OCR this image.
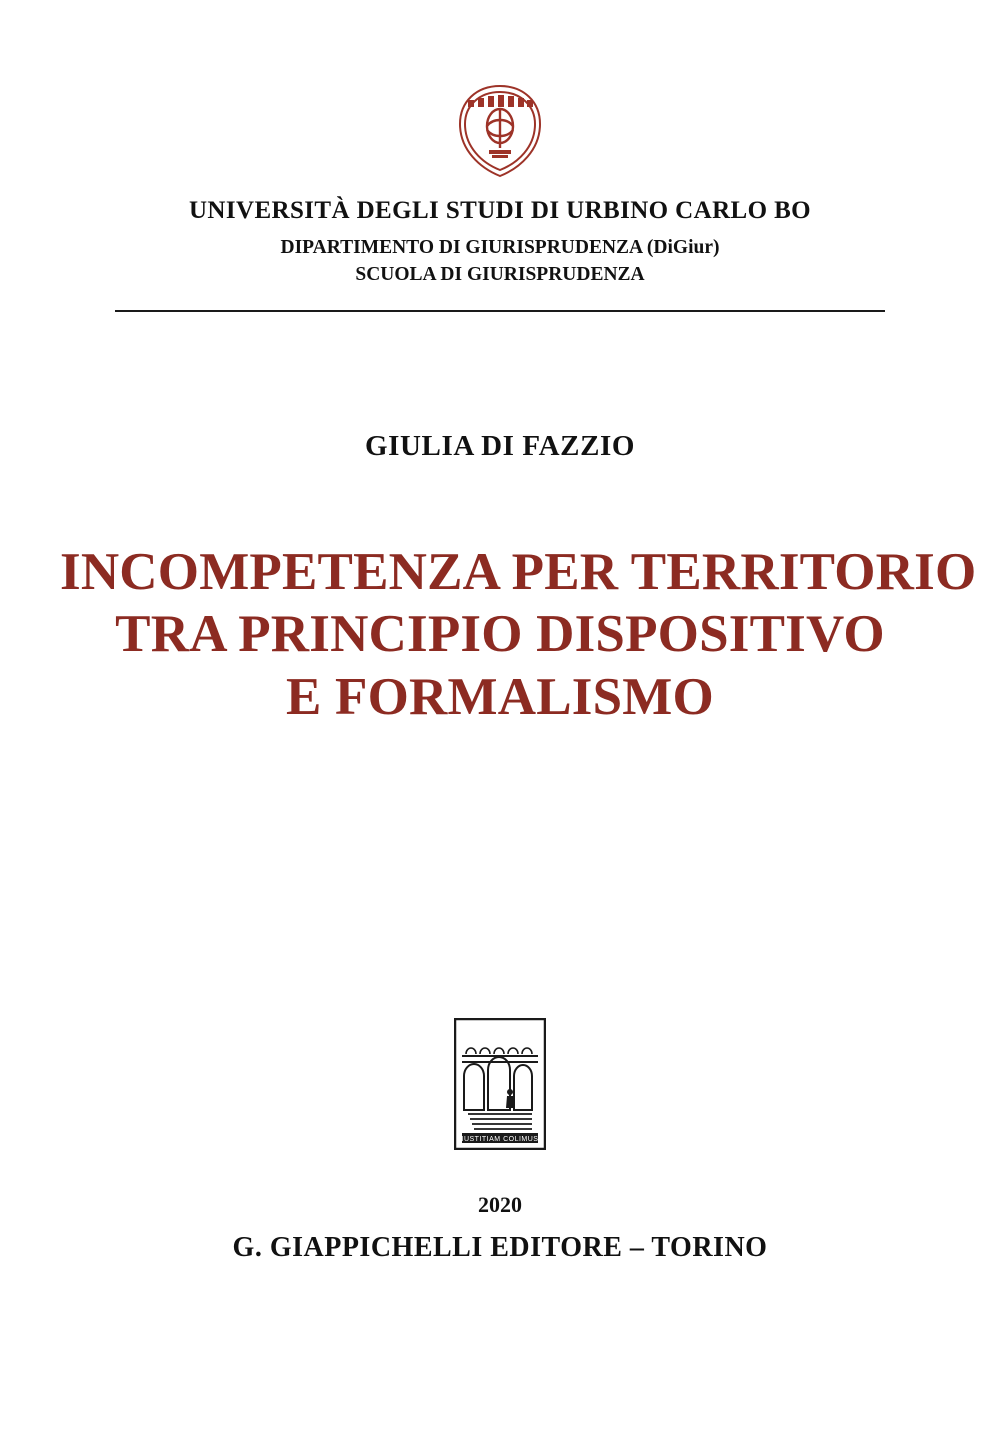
UNIVERSITÀ DEGLI STUDI DI URBINO CARLO BO
DIPARTIMENTO DI GIURISPRUDENZA (DiGiur)
SCUOLA DI GIURISPRUDENZA
GIULIA DI FAZZIO
INCOMPETENZA PER TERRITORIO
TRA PRINCIPIO DISPOSITIVO
E FORMALISMO
IUSTITIAM COLIMUS
2020
G. GIAPPICHELLI EDITORE – TORINO
